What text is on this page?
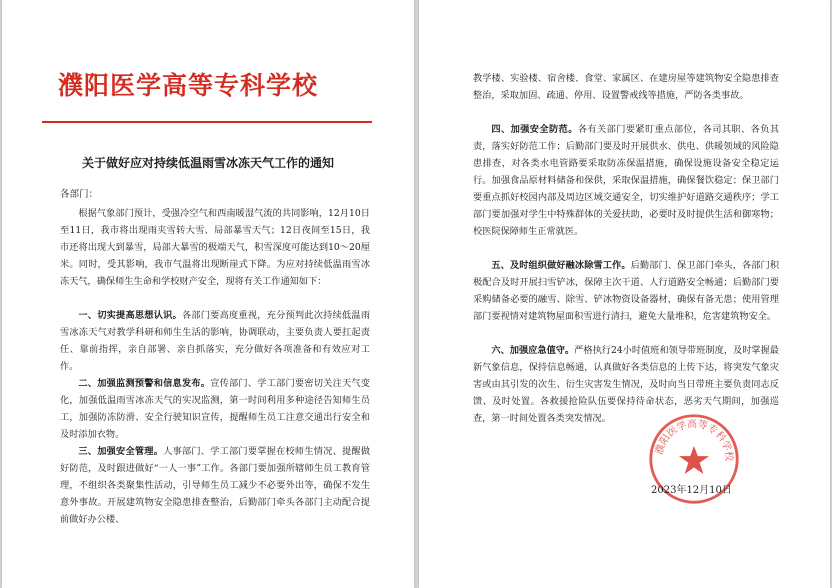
濮阳医学高等专科学校
关于做好应对持续低温雨雪冰冻天气工作的通知
各部门：
根据气象部门预计，受强冷空气和西南暖湿气流的共同影响，12月10日至11日，我市将出现雨夹雪转大雪、局部暴雪天气；12日夜间至15日，我市还将出现大到暴雪，局部大暴雪的极端天气，积雪深度可能达到10～20厘米。同时，受其影响，我市气温将出现断崖式下降。为应对持续低温雨雪冰冻天气，确保师生生命和学校财产安全，现将有关工作通知如下：
一、切实提高思想认识。各部门要高度重视，充分预判此次持续低温雨雪冰冻天气对教学科研和师生生活的影响，协调联动，主要负责人要扛起责任、靠前指挥，亲自部署、亲自抓落实，充分做好各项准备和有效应对工作。
二、加强监测预警和信息发布。宣传部门、学工部门要密切关注天气变化，加强低温雨雪冰冻天气的实况监测，第一时间利用多种途径告知师生员工，加强防冻防滑、安全行驶知识宣传，提醒师生员工注意交通出行安全和及时添加衣物。
三、加强安全管理。人事部门、学工部门要掌握在校师生情况、提醒做好防范，及时跟进做好“一人一事”工作。各部门要加强所辖师生员工教育管理，不组织各类聚集性活动，引导师生员工减少不必要外出等，确保不发生意外事故。开展建筑物安全隐患排查整治，后勤部门牵头各部门主动配合提前做好办公楼、
教学楼、实验楼、宿舍楼、食堂、家属区、在建房屋等建筑物安全隐患排查整治，采取加固、疏通、停用、设置警戒线等措施，严防各类事故。
四、加强安全防范。各有关部门要紧盯重点部位，各司其职、各负其责，落实好防范工作；后勤部门要及时开展供水、供电、供暖领域的风险隐患排查，对各类水电管路要采取防冻保温措施，确保设施设备安全稳定运行。加强食品原材料储备和保供，采取保温措施，确保餐饮稳定；保卫部门要重点抓好校园内部及周边区域交通安全，切实维护好道路交通秩序；学工部门要加强对学生中特殊群体的关爱扶助，必要时及时提供生活和御寒物；校医院保障师生正常就医。
五、及时组织做好融冰除雪工作。后勤部门、保卫部门牵头，各部门积极配合及时开展扫雪铲冰，保障主次干道、人行道路安全畅通；后勤部门要采购储备必要的融雪、除雪、铲冰物资设备器材，确保有备无患；使用管理部门要视情对建筑物屋面积雪进行清扫，避免大量堆积，危害建筑物安全。
六、加强应急值守。严格执行24小时值班和领导带班制度，及时掌握最新气象信息，保持信息畅通，认真做好各类信息的上传下达，将突发气象灾害或由其引发的次生、衍生灾害发生情况，及时向当日带班主要负责同志反馈、及时处置。各救援抢险队伍要保持待命状态，恶劣天气期间，加强巡查，第一时间处置各类突发情况。
濮阳医学高等专科学校
2023年12月10日
